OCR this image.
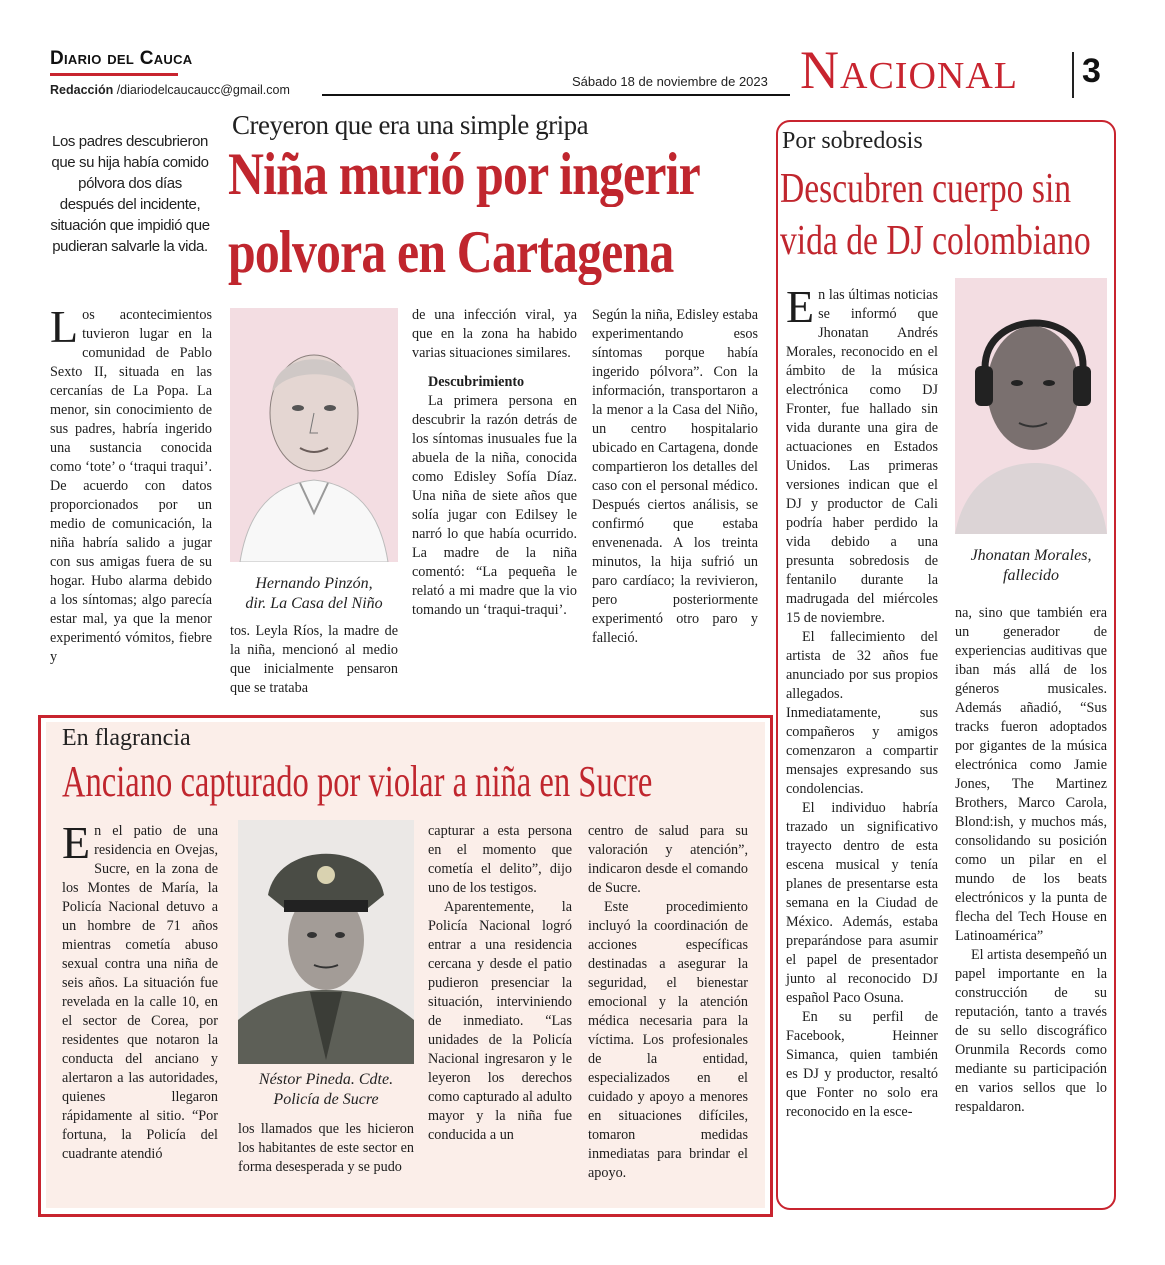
Diario del Cauca
Redacción /diariodelcaucaucc@gmail.com
Sábado 18 de noviembre de 2023 Nacional 3
Los padres descubrieron que su hija había comido pólvora dos días después del incidente, situación que impidió que pudieran salvarle la vida.
Creyeron que era una simple gripa
Niña murió por ingerir
polvora en Cartagena
Los acontecimientos tuvieron lugar en la comunidad de Pablo Sexto II, situada en las cercanías de La Popa. La menor, sin conocimiento de sus padres, habría ingerido una sustancia conocida como ‘tote’ o ‘traqui traqui’. De acuerdo con datos proporcionados por un medio de comunicación, la niña habría salido a jugar con sus amigas fuera de su hogar. Hubo alarma debido a los síntomas; algo parecía estar mal, ya que la menor experimentó vómitos, fiebre y
Hernando Pinzón,
dir. La Casa del Niño
tos. Leyla Ríos, la madre de la niña, mencionó al medio que inicialmente pensaron que se trataba

de una infección viral, ya que en la zona ha habido varias situaciones similares.

Descubrimiento

La primera persona en descubrir la razón detrás de los síntomas inusuales fue la abuela de la niña, conocida como Edisley Sofía Díaz. Una niña de siete años que solía jugar con Edilsey le narró lo que había ocurrido. La madre de la niña comentó: “La pequeña le relató a mi madre que la vio tomando un ‘traqui-traqui’.

Según la niña, Edisley estaba experimentando esos síntomas porque había ingerido pólvora”. Con la información, transportaron a la menor a la Casa del Niño, un centro hospitalario ubicado en Cartagena, donde compartieron los detalles del caso con el personal médico. Después ciertos análisis, se confirmó que estaba envenenada. A los treinta minutos, la hija sufrió un paro cardíaco; la revivieron, pero posteriormente experimentó otro paro y falleció.
Por sobredosis
Descubren cuerpo sin
vida de DJ colombiano

En las últimas noticias se informó que Jhonatan Andrés Morales, reconocido en el ámbito de la música electrónica como DJ Fronter, fue hallado sin vida durante una gira de actuaciones en Estados Unidos. Las primeras versiones indican que el DJ y productor de Cali podría haber perdido la vida debido a una presunta sobredosis de fentanilo durante la madrugada del miércoles 15 de noviembre.

El fallecimiento del artista de 32 años fue anunciado por sus propios allegados. Inmediatamente, sus compañeros y amigos comenzaron a compartir mensajes expresando sus condolencias.

El individuo habría trazado un significativo trayecto dentro de esta escena musical y tenía planes de presentarse esta semana en la Ciudad de México. Además, estaba preparándose para asumir el papel de presentador junto al reconocido DJ español Paco Osuna.

En su perfil de Facebook, Heinner Simanca, quien también es DJ y productor, resaltó que Fonter no solo era reconocido en la esce-

Jhonatan Morales,
fallecido

na, sino que también era un generador de experiencias auditivas que iban más allá de los géneros musicales. Además añadió, “Sus tracks fueron adoptados por gigantes de la música electrónica como Jamie Jones, The Martinez Brothers, Marco Carola, Blond:ish, y muchos más, consolidando su posición como un pilar en el mundo de los beats electrónicos y la punta de flecha del Tech House en Latinoamérica”

El artista desempeñó un papel importante en la construcción de su reputación, tanto a través de su sello discográfico Orunmila Records como mediante su participación en varios sellos que lo respaldaron.

En flagrancia
Anciano capturado por violar a niña en Sucre
En el patio de una residencia en Ovejas, Sucre, en la zona de los Montes de María, la Policía Nacional detuvo a un hombre de 71 años mientras cometía abuso sexual contra una niña de seis años. La situación fue revelada en la calle 10, en el sector de Corea, por residentes que notaron la conducta del anciano y alertaron a las autoridades, quienes llegaron rápidamente al sitio. “Por fortuna, la Policía del cuadrante atendió
Néstor Pineda. Cdte.
Policía de Sucre
los llamados que les hicieron los habitantes de este sector en forma desesperada y se pudo

capturar a esta persona en el momento que cometía el delito”, dijo uno de los testigos.

Aparentemente, la Policía Nacional logró entrar a una residencia cercana y desde el patio pudieron presenciar la situación, interviniendo de inmediato. “Las unidades de la Policía Nacional ingresaron y le leyeron los derechos como capturado al adulto mayor y la niña fue conducida a un

centro de salud para su valoración y atención”, indicaron desde el comando de Sucre.

Este procedimiento incluyó la coordinación de acciones específicas destinadas a asegurar la seguridad, el bienestar emocional y la atención médica necesaria para la víctima. Los profesionales de la entidad, especializados en el cuidado y apoyo a menores en situaciones difíciles, tomaron medidas inmediatas para brindar el apoyo.
